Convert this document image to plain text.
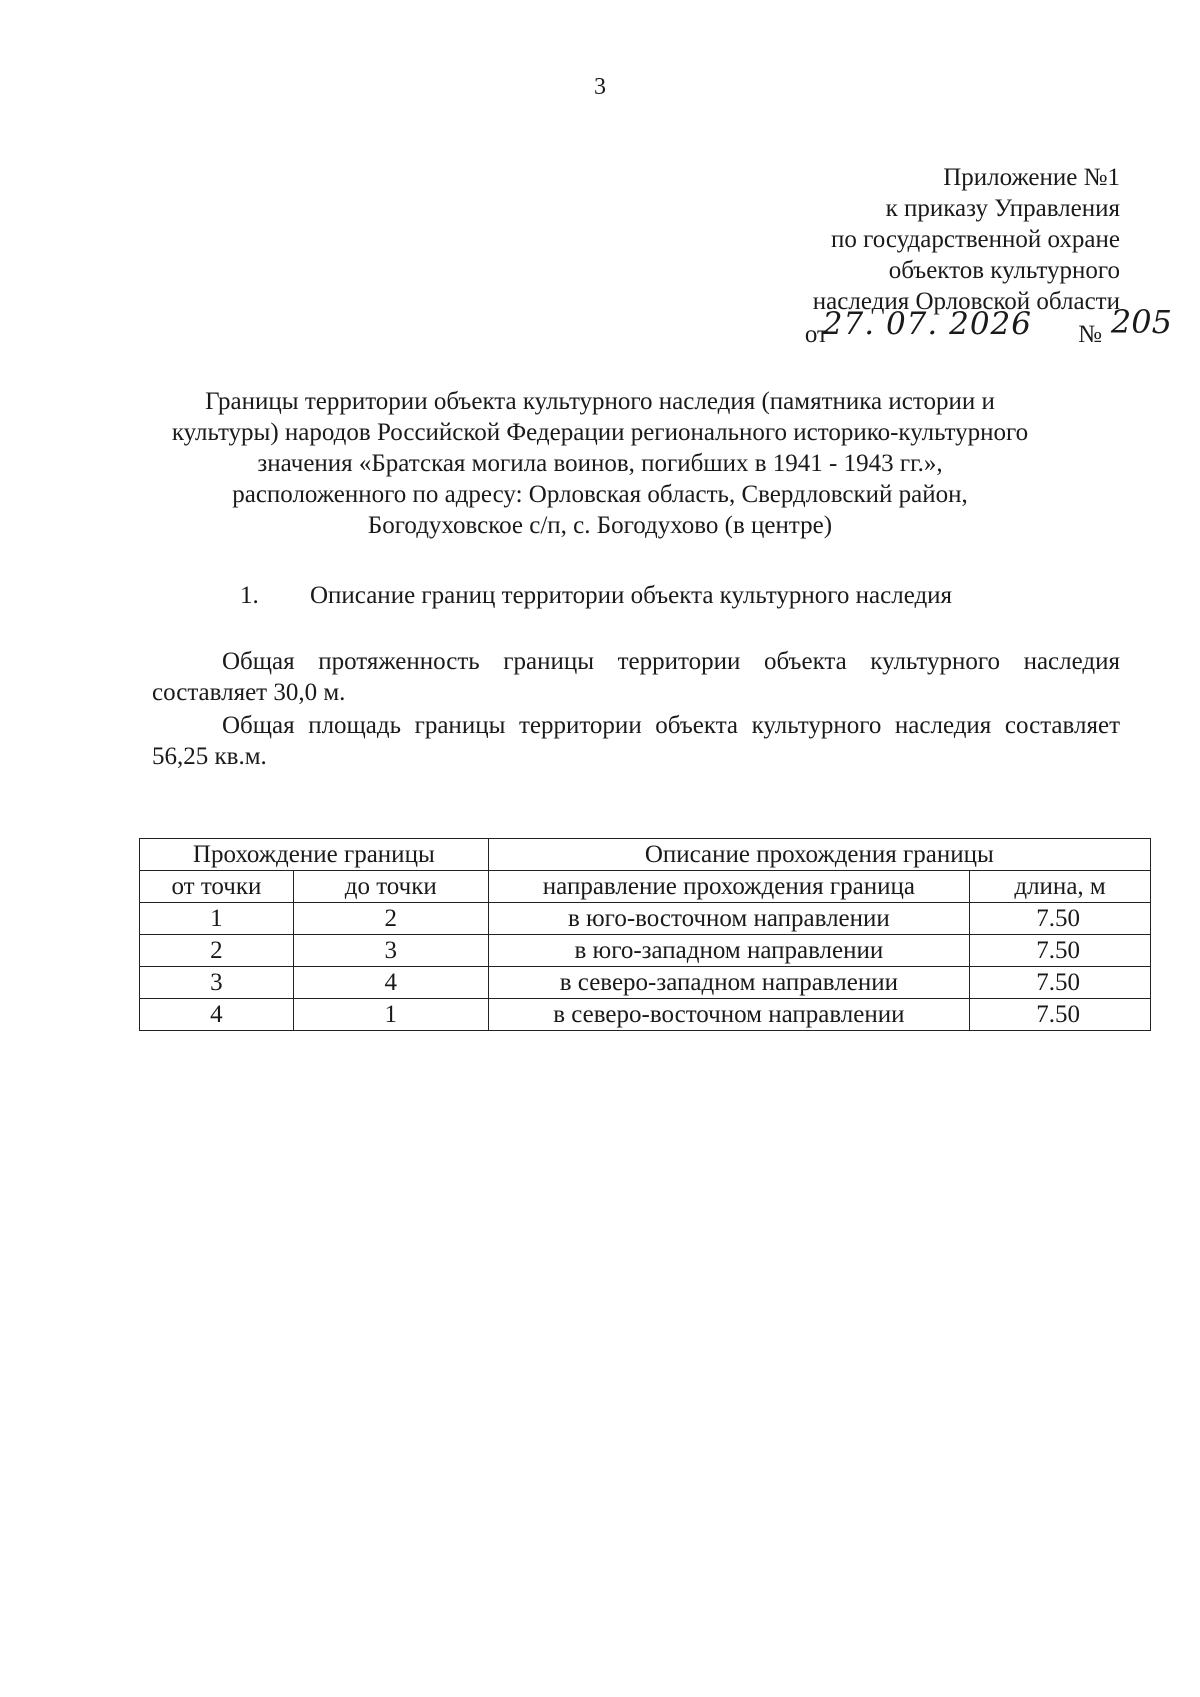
3
Приложение №1
к приказу Управления
по государственной охране
объектов культурного
наследия Орловской области
от
27. 07. 2026 № 205
Границы территории объекта культурного наследия (памятника истории и
культуры) народов Российской Федерации регионального историко-культурного
значения «Братская могила воинов, погибших в 1941 - 1943 гг.»,
расположенного по адресу: Орловская область, Свердловский район,
Богодуховское с/п, с. Богодухово (в центре)
1. Описание границ территории объекта культурного наследия
Общая протяженность границы территории объекта культурного наследия составляет 30,0 м.
Общая площадь границы территории объекта культурного наследия составляет 56,25 кв.м.
Прохождение границы		Описание прохождения границы	
от точки	до точки	направление прохождения граница	длина, м
1	2	в юго-восточном направлении	7.50
2	3	в юго-западном направлении	7.50
3	4	в северо-западном направлении	7.50
4	1	в северо-восточном направлении	7.50
